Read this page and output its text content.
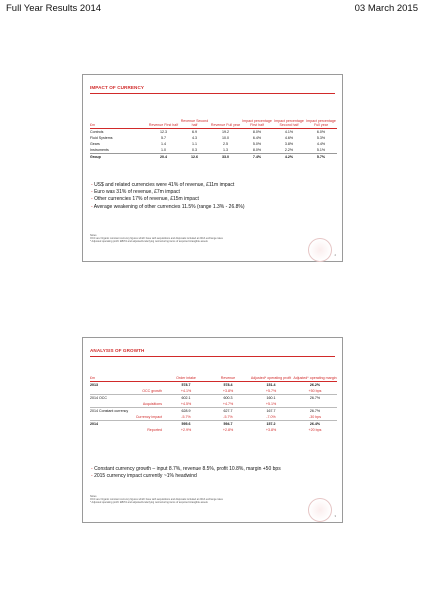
Full Year Results 2014	03 March 2015
IMPACT OF CURRENCY
£m	Revenue First half	Revenue Second half	Revenue Full year	Impact percentage First half	Impact percentage Second half	Impact percentage Full year
Controls	12.3	6.9	19.2	8.0%	4.1%	6.0%
Fluid Systems	5.7	4.3	10.0	6.4%	4.6%	5.3%
Gears	1.4	1.1	2.5	5.0%	3.8%	4.4%
Instruments	1.0	0.3	1.3	8.0%	2.2%	5.1%
Group	20.4	12.6	33.0	7.4%	4.2%	5.7%
- US$ and related currencies were 41% of revenue, £11m impact
- Euro was 31% of revenue, £7m impact
- Other currencies 17% of revenue, £15m impact
- Average weakening of other currencies 11.5% (range 1.3% - 26.8%)
Notes
OCC are Organic constant currency figures which have with acquisitions and disposals included at 2013 exchange rates
* Adjusted operating profit: EBITA and adjusted/underlying restructuring items of acquired intangible assets
2
ANALYSIS OF GROWTH
£m	Order intake	Revenue	Adjusted* operating profit	Adjusted* operating margin
2013	578.7	578.4	151.4	26.2%
OCC growth	+4.1%	+3.8%	+5.7%	+50 bps
2014 OCC	602.1	600.3	160.1	26.7%
Acquisitions	+4.5%	+4.7%	+5.1%	
2014 Constant currency	628.9	627.7	167.7	26.7%
Currency impact	-5.7%	-5.7%	-7.0%	-30 bps
2014	595.6	594.7	157.2	26.4%
Reported	+2.9%	+2.8%	+3.8%	+20 bps
- Constant currency growth – input 8.7%, revenue 8.5%, profit 10.8%, margin +50 bps
- 2015 currency impact currently ~1% headwind
Notes
OCC are Organic constant currency figures which have with acquisitions and disposals included at 2013 exchange rates
* Adjusted operating profit: EBITA and adjusted/underlying restructuring items of acquired intangible assets
3
